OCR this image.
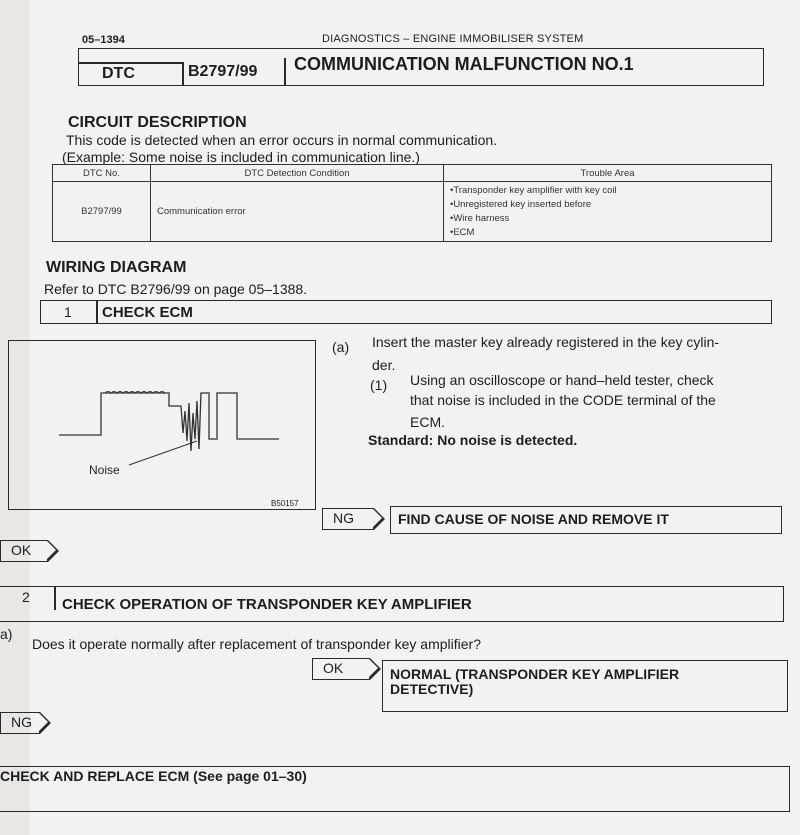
05–1394	DIAGNOSTICS – ENGINE IMMOBILISER SYSTEM
DTC	B2797/99 COMMUNICATION MALFUNCTION NO.1
CIRCUIT DESCRIPTION
This code is detected when an error occurs in normal communication.
(Example: Some noise is included in communication line.)
DTC No.	DTC Detection Condition	Trouble Area
B2797/99	Communication error	•Transponder key amplifier with key coil
•Unregistered key inserted before
•Wire harness
•ECM
WIRING DIAGRAM
Refer to DTC B2796/99 on page 05–1388.
1 CHECK ECM
Noise
B50157
(a) Insert the master key already registered in the key cylin-
der.
(1) Using an oscilloscope or hand–held tester, check
that noise is included in the CODE terminal of the
ECM.
Standard: No noise is detected.
NG	FIND CAUSE OF NOISE AND REMOVE IT
OK
2 CHECK OPERATION OF TRANSPONDER KEY AMPLIFIER
a)
Does it operate normally after replacement of transponder key amplifier?
OK	NORMAL (TRANSPONDER KEY AMPLIFIER
DETECTIVE)
NG
CHECK AND REPLACE ECM (See page 01–30)
